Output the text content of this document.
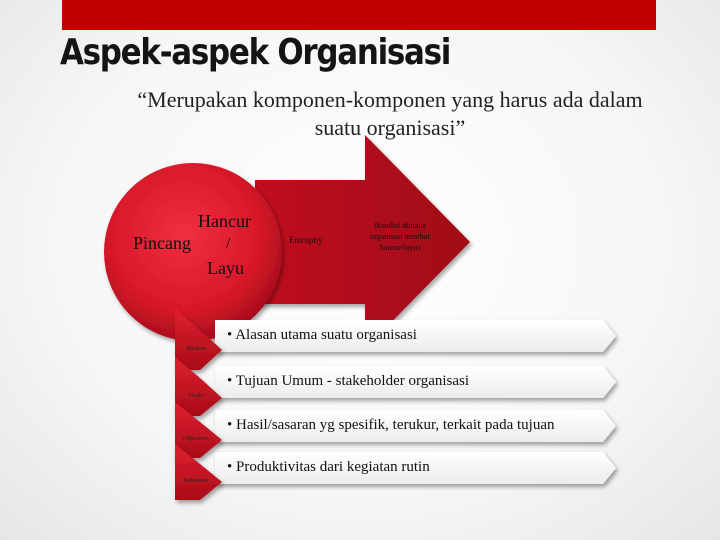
Aspek-aspek Organisasi
“Merupakan komponen-komponen yang harus ada dalam suatu organisasi”
Hancur
/
Pincang
Layu
Entrophy
(kondisi dimana organisasi tersebut hancur/layu)
Mission
Goals
Objectives
Behaviour
• Alasan utama suatu organisasi
• Tujuan Umum - stakeholder organisasi
• Hasil/sasaran yg spesifik, terukur, terkait pada tujuan
• Produktivitas dari kegiatan rutin
